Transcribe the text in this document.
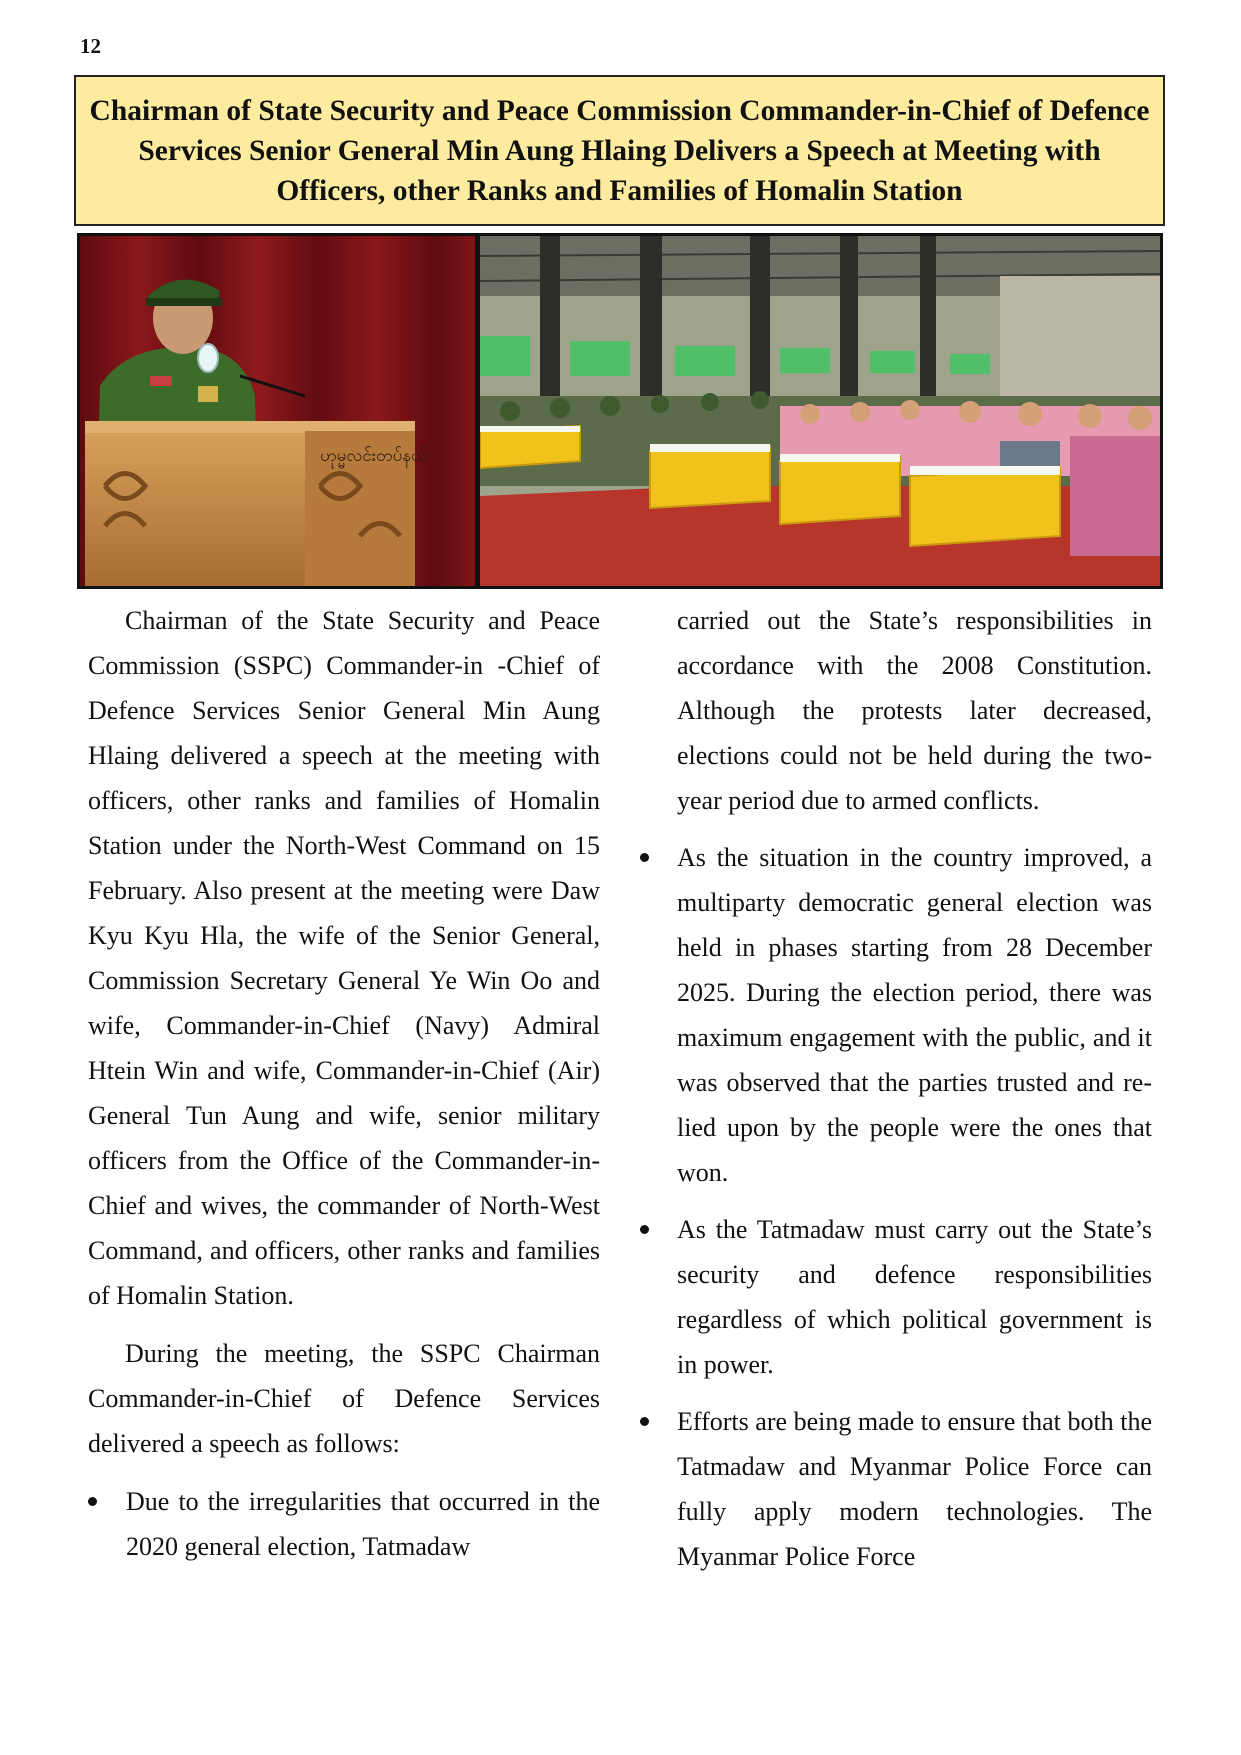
12
Chairman of State Security and Peace Commission Commander-in-Chief of Defence Services Senior General Min Aung Hlaing Delivers a Speech at Meeting with Officers, other Ranks and Families of Homalin Station
ဟုမ္မလင်းတပ်နယ်

Chairman of the State Security and Peace Commission (SSPC) Commander-in -Chief of Defence Services Senior General Min Aung Hlaing delivered a speech at the meeting with officers, other ranks and families of Homalin Station under the North-West Command on 15 February. Also present at the meeting were Daw Kyu Kyu Hla, the wife of the Senior General, Commission Secretary General Ye Win Oo and wife, Commander-in-Chief (Navy) Admiral Htein Win and wife, Commander-in-Chief (Air) General Tun Aung and wife, senior military officers from the Office of the Commander-in-Chief and wives, the commander of North-West Command, and officers, other ranks and families of Homalin Station.

During the meeting, the SSPC Chairman Commander-in-Chief of Defence Services delivered a speech as follows:

Due to the irregularities that occurred in the 2020 general election, Tatmadaw

carried out the State’s responsibilities in accordance with the 2008 Constitution. Although the protests later decreased, elections could not be held during the two-year period due to armed conflicts.

As the situation in the country improved, a multiparty democratic general election was held in phases starting from 28 December 2025. During the election period, there was maximum engagement with the public, and it was observed that the parties trusted and relied upon by the people were the ones that won.
As the Tatmadaw must carry out the State’s security and defence responsibilities regardless of which political government is in power.
Efforts are being made to ensure that both the Tatmadaw and Myanmar Police Force can fully apply modern technologies. The Myanmar Police Force
